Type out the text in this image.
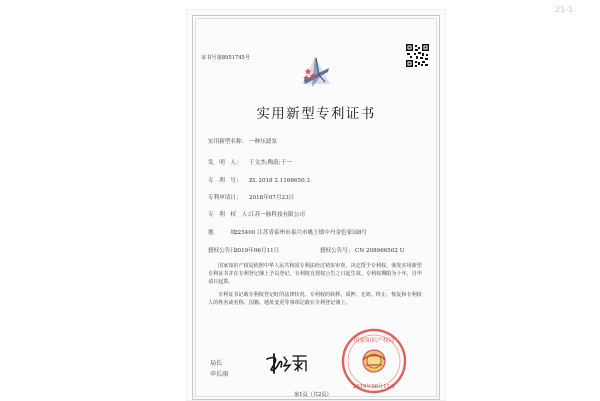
21-1
证书号第8951745号
实用新型专利证书
实用新型名称： 一种压滤泵
发　明　人： 于文杰;陶蔚;于一
专　利　号： ZL 2018 2 1166650.3
专利申请日： 2018年07月23日
专　利　权　人：
江苏一脉科技有限公司
地　　　址：
225400 江苏省泰州市泰兴市姚王镇中丹金色家园8号
授权公告日：
2019年06月11日	授权公告号： CN 208966502 U
国家知识产权局依照中华人民共和国专利法经过初步审查，决定授予专利权，颁发实用新型专利证书并在专利登记簿上予以登记。专利权自授权公告之日起生效。专利权期限为十年，自申请日起算。
专利证书记载专利权登记时的法律状况。专利权的转移、质押、无效、终止、恢复和专利权人的姓名或名称、国籍、地址变更等事项记载在专利登记簿上。
局长
申长雨
国家知识产权局
2019年06月11日
第1页（共2页）
